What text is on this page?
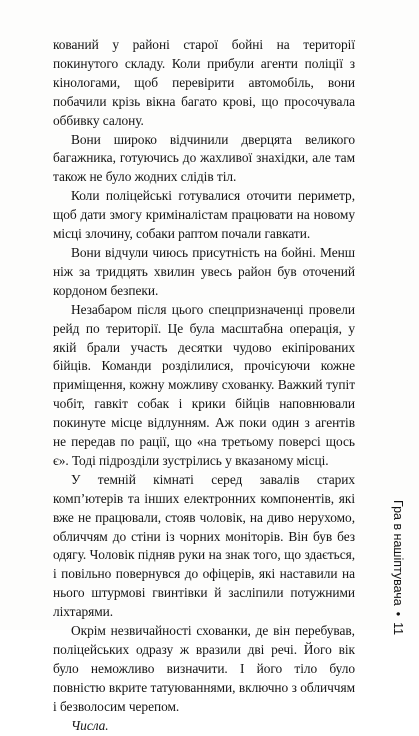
кований у районі старої бойні на території покинутого складу. Коли прибули агенти поліції з кінологами, щоб перевірити автомобіль, вони побачили крізь вікна багато крові, що просочувала оббивку салону.

Вони широко відчинили дверцята великого багажника, готуючись до жахливої знахідки, але там також не було жодних слідів тіл.

Коли поліцейські готувалися оточити периметр, щоб дати змогу криміналістам працювати на новому місці злочину, собаки раптом почали гавкати.

Вони відчули чиюсь присутність на бойні. Менш ніж за тридцять хвилин увесь район був оточений кордоном безпеки.

Незабаром після цього спецпризначенці провели рейд по території. Це була масштабна операція, у якій брали участь десятки чудово екіпірованих бійців. Команди розділилися, прочісуючи кожне приміщення, кожну можливу схованку. Важкий тупіт чобіт, гавкіт собак і крики бійців наповнювали покинуте місце відлунням. Аж поки один з агентів не передав по рації, що «на третьому поверсі щось є». Тоді підрозділи зустрілись у вказаному місці.

У темній кімнаті серед завалів старих комп’ютерів та інших електронних компонентів, які вже не працювали, стояв чоловік, на диво нерухомо, обличчям до стіни із чорних моніторів. Він був без одягу. Чоловік підняв руки на знак того, що здається, і повільно повернувся до офіцерів, які наставили на нього штурмові гвинтівки й засліпили потужними ліхтарями.

Окрім незвичайності схованки, де він перебував, поліцейських одразу ж вразили дві речі. Його вік було неможливо визначити. І його тіло було повністю вкрите татуюваннями, включно з обличчям і безволосим черепом.

Числа.

Гра в нашіптувача•11
